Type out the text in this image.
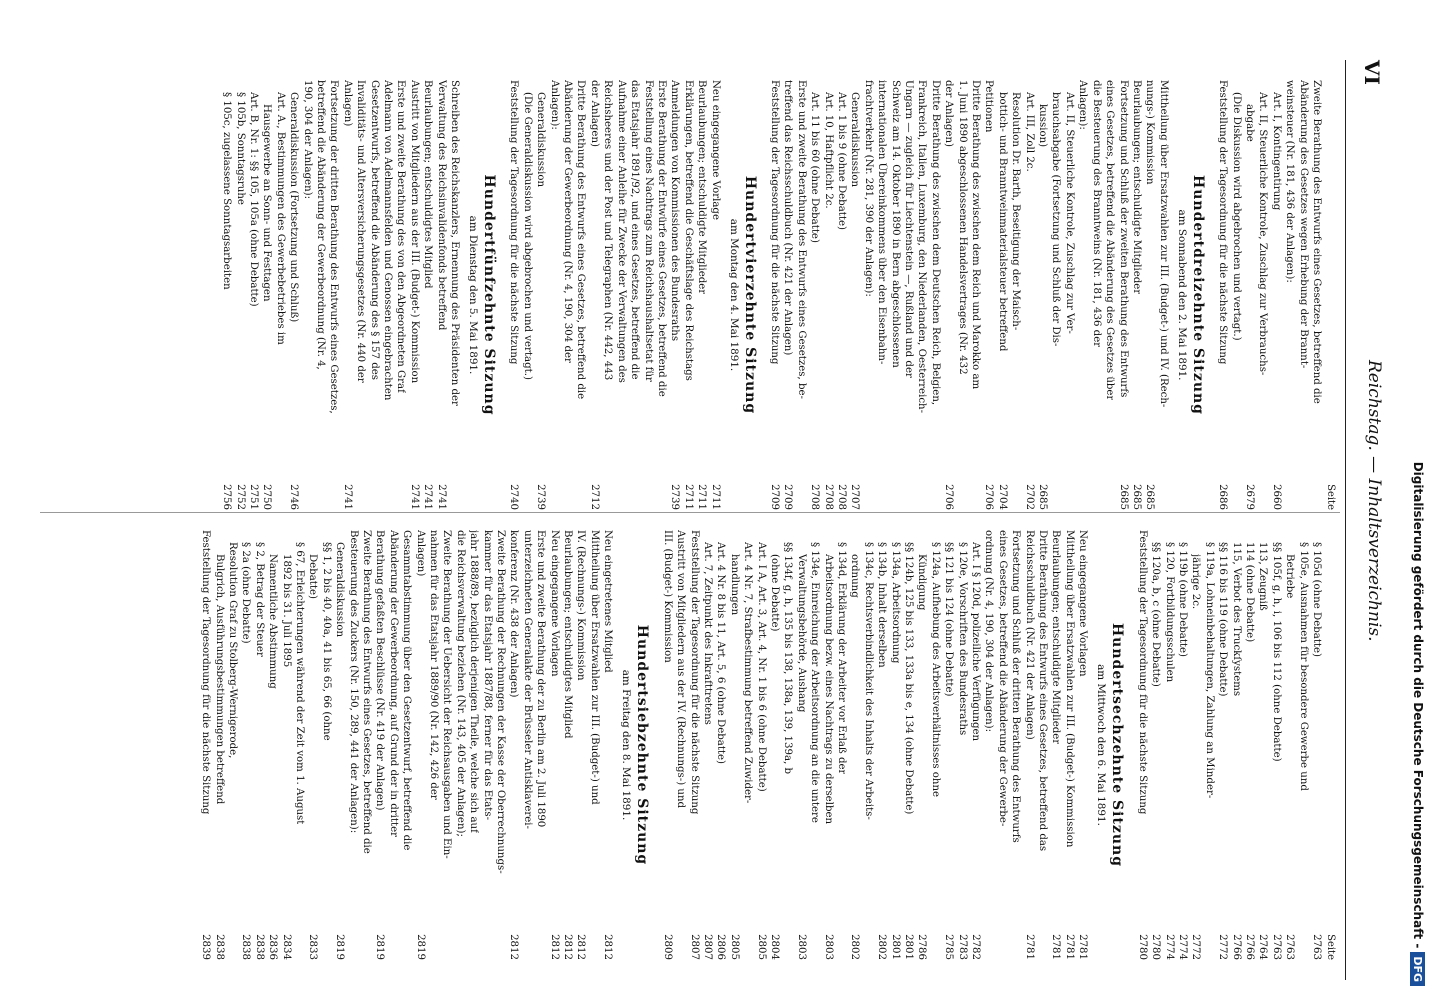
Digitalisierung gefördert durch die Deutsche Forschungsgemeinschaft -
DFG
VI
Reichstag. — Inhaltsverzeichnis.
Seite
Zweite Berathung des Entwurfs eines Gesetzes, betreffend die
Abänderung des Gesetzes wegen Erhebung der Brannt-
weinsteuer (Nr. 181, 436 der Anlagen):
Art. I, Kontingentirung
2660
Art. II, Steuerliche Kontrole, Zuschlag zur Verbrauchs-
abgabe
2679
(Die Diskussion wird abgebrochen und vertagt.)
Feststellung der Tagesordnung für die nächste Sitzung
2686
Hundertdreizehnte Sitzung
am Sonnabend den 2. Mai 1891.
Mittheilung über Ersatzwahlen zur III. (Budget-) und IV. (Rech-
nungs-) Kommission
2685
Beurlaubungen; entschuldigte Mitglieder
2685
Fortsetzung und Schluß der zweiten Berathung des Entwurfs
2685
eines Gesetzes, betreffend die Abänderung des Gesetzes über
die Besteuerung des Branntweins (Nr. 181, 436 der
Anlagen):
Art. II, Steuerliche Kontrole, Zuschlag zur Ver-
brauchsabgabe (Fortsetzung und Schluß der Dis-
kussion)
2685
Art. III, Zoll 2c.
2702
Resolution Dr. Barth, Beseitigung der Maisch-
bottich- und Branntweinmaterialsteuer betreffend
2704
Petitionen
2706
Dritte Berathung des zwischen dem Reich und Marokko am
1. Juni 1890 abgeschlossenen Handelsvertrages (Nr. 432
der Anlagen)
2706
Dritte Berathung des zwischen dem Deutschen Reich, Belgien,
Frankreich, Italien, Luxemburg, den Niederlanden, Oesterreich-
Ungarn — zugleich für Liechtenstein —, Rußland und der
Schweiz am 14. Oktober 1890 in Bern abgeschlossenen
internationalen Übereinkommens über den Eisenbahn-
frachtverkehr (Nr. 281, 390 der Anlagen):
Generaldiskussion
2707
Art. 1 bis 9 (ohne Debatte)
2708
Art. 10, Haftpflicht 2c.
2708
Art. 11 bis 60 (ohne Debatte)
2708
Erste und zweite Berathung des Entwurfs eines Gesetzes, be-
treffend das Reichsschuldbuch (Nr. 421 der Anlagen)
2709
Feststellung der Tagesordnung für die nächste Sitzung
2709
Hundertvierzehnte Sitzung
am Montag den 4. Mai 1891.
Neu eingegangene Vorlage
2711
Beurlaubungen; entschuldigte Mitglieder
2711
Erklärungen, betreffend die Geschäftslage des Reichstags
2711
Anmeldungen von Kommissionen des Bundesraths
2739
Erste Berathung der Entwürfe eines Gesetzes, betreffend die
Feststellung eines Nachtrags zum Reichshaushaltsetat für
das Etatsjahr 1891/92, und eines Gesetzes, betreffend die
Aufnahme einer Anleihe für Zwecke der Verwaltungen des
Reichsheeres und der Post und Telegraphen (Nr. 442, 443
der Anlagen)
2712
Dritte Berathung des Entwurfs eines Gesetzes, betreffend die
Abänderung der Gewerbeordnung (Nr. 4, 190, 304 der
Anlagen):
Generaldiskussion
2739
(Die Generaldiskussion wird abgebrochen und vertagt.)
Feststellung der Tagesordnung für die nächste Sitzung
2740
Hundertfünfzehnte Sitzung
am Dienstag den 5. Mai 1891.
Schreiben des Reichskanzlers, Ernennung des Präsidenten der
Verwaltung des Reichsinvalidenfonds betreffend
2741
Beurlaubungen; entschuldigtes Mitglied
2741
Austritt von Mitgliedern aus der III. (Budget-) Kommission
2741
Erste und zweite Berathung des von den Abgeordneten Graf
Adelmann von Adelmannsfelden und Genossen eingebrachten
Gesetzentwurfs, betreffend die Abänderung des § 157 des
Invaliditäts- und Altersversicherungsgesetzes (Nr. 440 der
Anlagen)
2741
Fortsetzung der dritten Berathung des Entwurfs eines Gesetzes,
betreffend die Abänderung der Gewerbeordnung (Nr. 4,
190, 304 der Anlagen):
Generaldiskussion (Fortsetzung und Schluß)
2746
Art. A., Bestimmungen des Gewerbebetriebes im
Hausgewerbe an Sonn- und Festtagen
2750
Art. B, Nr. 1: §§ 105, 105a (ohne Debatte)
2751
§ 105b, Sonntagsruhe
2752
§ 105c, zugelassene Sonntagsarbeiten
2756
Seite
§ 105d (ohne Debatte)
2763
§ 105e, Ausnahmen für besondere Gewerbe und
Betriebe
2763
§§ 105f, g, h, i, 106 bis 112 (ohne Debatte)
2763
113, Zeugniß
2764
114 (ohne Debatte)
2766
115, Verbot des Truckſystems
2766
§§ 116 bis 119 (ohne Debatte)
2772
§ 119a, Lohneinbehaltungen, Zahlung an Minder-
jährige 2c.
2772
§ 119b (ohne Debatte)
2774
§ 120, Fortbildungsschulen
2774
§§ 120a, b, c (ohne Debatte)
2780
Feststellung der Tagesordnung für die nächste Sitzung
2780
Hundertsechzehnte Sitzung
am Mittwoch den 6. Mai 1891.
Neu eingegangene Vorlagen
2781
Mittheilung über Ersatzwahlen zur III. (Budget-) Kommission
2781
Beurlaubungen; entschuldigte Mitglieder
2781
Dritte Berathung des Entwurfs eines Gesetzes, betreffend das
Reichsschuldbuch (Nr. 421 der Anlagen)
2781
Fortsetzung und Schluß der dritten Berathung des Entwurfs
eines Gesetzes, betreffend die Abänderung der Gewerbe-
ordnung (Nr. 4, 190, 304 der Anlagen):
Art. I § 120d, polizeiliche Verfügungen
2782
§ 120e, Vorschriften des Bundesraths
2783
§§ 121 bis 124 (ohne Debatte)
2785
§ 124a, Aufhebung des Arbeitsverhältnisses ohne
Kündigung
2786
§§ 124b, 125 bis 133, 133a bis e, 134 (ohne Debatte)
2801
§ 134a, Arbeitsordnung
2801
§ 134b, Inhalt derselben
2802
§ 134c, Rechtsverbindlichkeit des Inhalts der Arbeits-
ordnung
2802
§ 134d, Erklärung der Arbeiter vor Erlaß der
Arbeitsordnung bezw. eines Nachtrags zu derselben
2803
§ 134e, Einreichung der Arbeitsordnung an die untere
Verwaltungsbehörde, Aushang
2803
§§ 134f, g, h, 135 bis 138, 138a, 139, 139a, b
(ohne Debatte)
2804
Art. I A, Art. 3, Art. 4, Nr. 1 bis 6 (ohne Debatte)
2805
Art. 4 Nr. 7, Strafbestimmung betreffend Zuwider-
handlungen
2805
Art. 4 Nr. 8 bis 11, Art. 5, 6 (ohne Debatte)
2806
Art. 7, Zeitpunkt des Inkrafttretens
2807
Feststellung der Tagesordnung für die nächste Sitzung
2807
Austritt von Mitgliedern aus der IV. (Rechnungs-) und
III. (Budget-) Kommission
2809
Hundertsiebzehnte Sitzung
am Freitag den 8. Mai 1891.
Neu eingetretenes Mitglied
2812
Mittheilung über Ersatzwahlen zur III. (Budget-) und
IV. (Rechnungs-) Kommission
2812
Beurlaubungen; entschuldigtes Mitglied
2812
Neu eingegangene Vorlagen
2812
Erste und zweite Berathung der zu Berlin am 2. Juli 1890
unterzeichneten Generalakte der Brüsseler Antisklaverei-
konferenz (Nr. 438 der Anlagen)
2812
Zweite Berathung der Rechnungen der Kasse der Oberrechnungs-
kammer für das Etatsjahr 1887/88, ferner für das Etats-
jahr 1888/89, bezüglich derjenigen Theile, welche sich auf
die Reichsverwaltung beziehen (Nr. 143, 405 der Anlagen);
Zweite Berathung der Uebersicht der Reichsausgaben und Ein-
nahmen für das Etatsjahr 1889/90 (Nr. 142, 426 der
Anlagen)
2819
Gesammtabstimmung über den Gesetzentwurf, betreffend die
Abänderung der Gewerbeordnung, auf Grund der in dritter
Berathung gefaßten Beschlüsse (Nr. 419 der Anlagen)
2819
Zweite Berathung des Entwurfs eines Gesetzes, betreffend die
Besteuerung des Zuckers (Nr. 150, 289, 441 der Anlagen):
Generaldiskussion
2819
§§ 1, 2 bis 40, 40a, 41 bis 65, 66 (ohne
Debatte)
2833
§ 67, Erleichterungen während der Zeit vom 1. August
1892 bis 31. Juli 1895
2834
Namentliche Abstimmung
2836
§ 2, Betrag der Steuer
2838
§ 2a (ohne Debatte)
2838
Resolution Graf zu Stolberg-Wernigerode,
Bulgrich, Ausführungsbestimmungen betreffend
2838
Feststellung der Tagesordnung für die nächste Sitzung
2839
